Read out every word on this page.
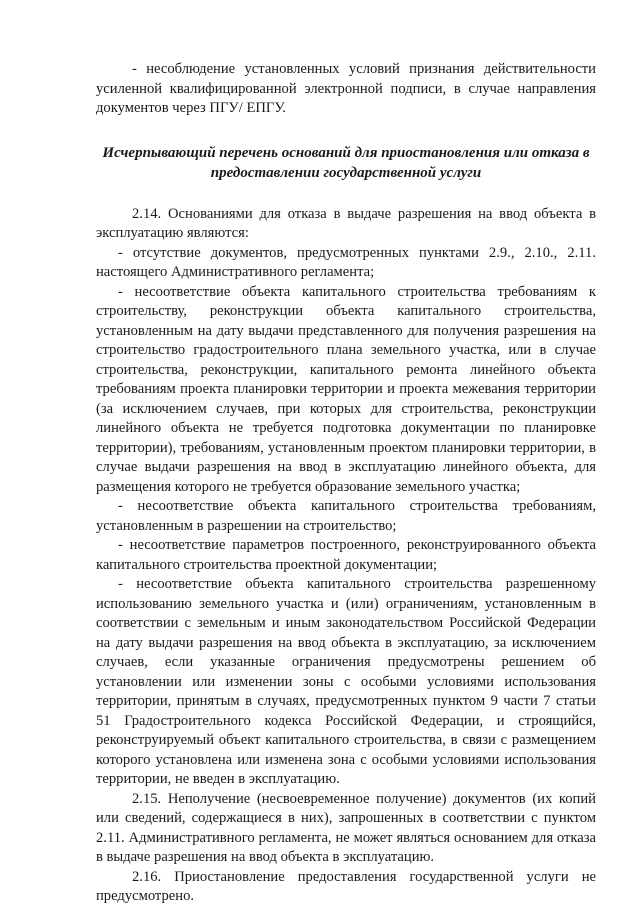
- несоблюдение установленных условий признания действительности усиленной квалифицированной электронной подписи, в случае направления документов через ПГУ/ ЕПГУ.

Исчерпывающий перечень оснований для приостановления или отказа в предоставлении государственной услуги

2.14. Основаниями для отказа в выдаче разрешения на ввод объекта в эксплуатацию являются:

- отсутствие документов, предусмотренных пунктами 2.9., 2.10., 2.11. настоящего Административного регламента;

- несоответствие объекта капитального строительства требованиям к строительству, реконструкции объекта капитального строительства, установленным на дату выдачи представленного для получения разрешения на строительство градостроительного плана земельного участка, или в случае строительства, реконструкции, капитального ремонта линейного объекта требованиям проекта планировки территории и проекта межевания территории (за исключением случаев, при которых для строительства, реконструкции линейного объекта не требуется подготовка документации по планировке территории), требованиям, установленным проектом планировки территории, в случае выдачи разрешения на ввод в эксплуатацию линейного объекта, для размещения которого не требуется образование земельного участка;

- несоответствие объекта капитального строительства требованиям, установленным в разрешении на строительство;

- несоответствие параметров построенного, реконструированного объекта капитального строительства проектной документации;

- несоответствие объекта капитального строительства разрешенному использованию земельного участка и (или) ограничениям, установленным в соответствии с земельным и иным законодательством Российской Федерации на дату выдачи разрешения на ввод объекта в эксплуатацию, за исключением случаев, если указанные ограничения предусмотрены решением об установлении или изменении зоны с особыми условиями использования территории, принятым в случаях, предусмотренных пунктом 9 части 7 статьи 51 Градостроительного кодекса Российской Федерации, и строящийся, реконструируемый объект капитального строительства, в связи с размещением которого установлена или изменена зона с особыми условиями использования территории, не введен в эксплуатацию.

2.15. Неполучение (несвоевременное получение) документов (их копий или сведений, содержащиеся в них), запрошенных в соответствии с пунктом 2.11. Административного регламента, не может являться основанием для отказа в выдаче разрешения на ввод объекта в эксплуатацию.

2.16. Приостановление предоставления государственной услуги не предусмотрено.
